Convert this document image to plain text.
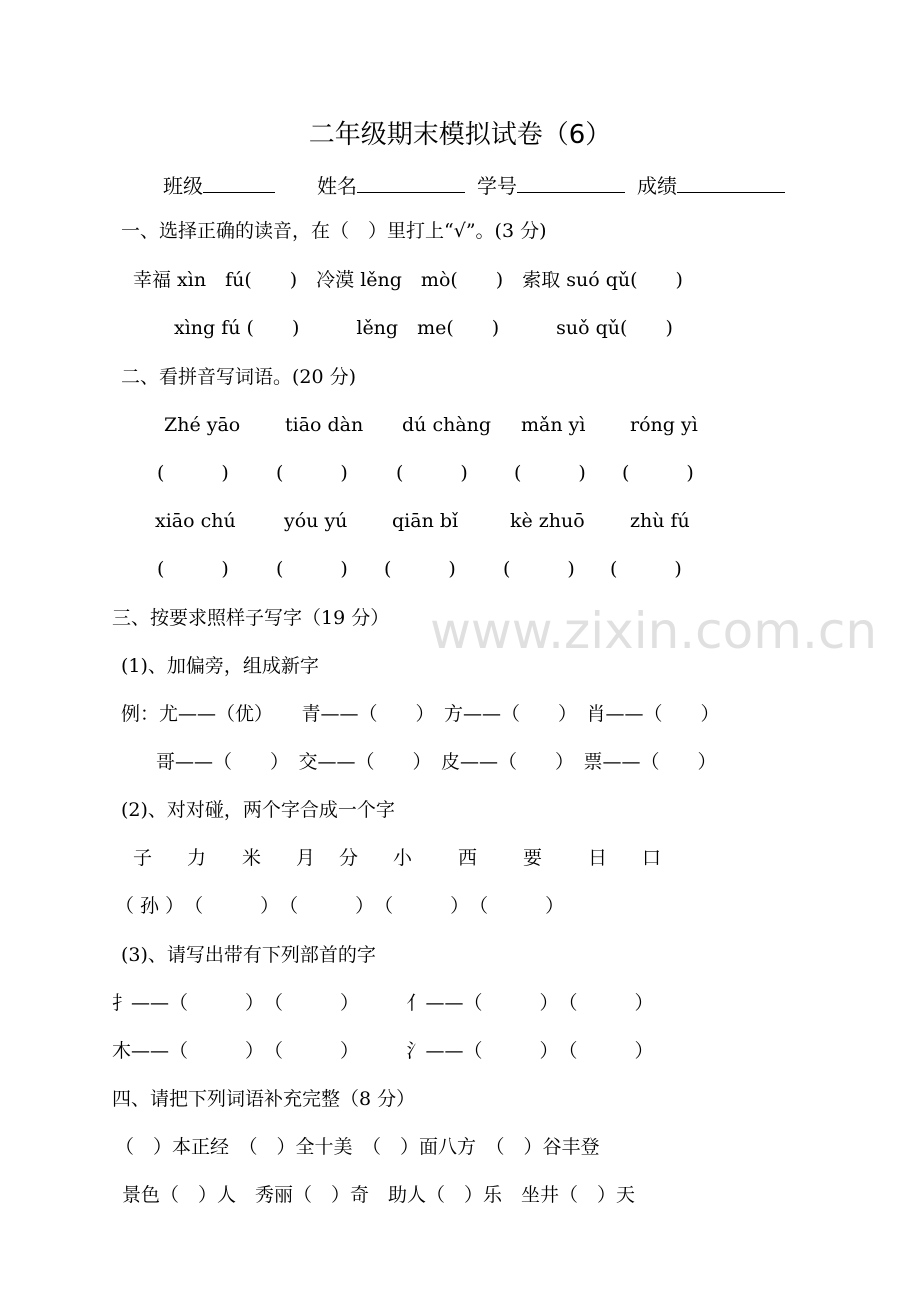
二年级期末模拟试卷（6）
班级	姓名	学号	成绩
一、选择正确的读音，在（　）里打上“√”。(3 分)
幸福 xìn　fú(　　)　冷漠 lěng　mò(　　)　索取 suó qǔ(　　)
xìng fú (　　)　　　lěng　me(　　)　　　suǒ qǔ(　　)
二、看拼音写词语。(20 分)
Zhé yāo tiāo dàn dú chàng mǎn yì róng yì
(　　　) (　　　)	(　　　) (　　　) (　　　)
xiāo chú	yóu yú qiān bǐ	kè zhuō zhù fú
(　　　) (　　　) (　　　) (　　　) (　　　)
三、按要求照样子写字（19 分） www.zixin.com.cn
(1)、加偏旁，组成新字
例：尤——（优）　　青——（　　）　方——（　　）　肖——（　　）
哥——（　　）　交——（　　）　皮——（　　）　票——（　　）
(2)、对对碰，两个字合成一个字
子 力 米 月 分 小 西 要 日 口
（ 孙 ）　（　　　）　（　　　）　（　　　）　（　　　）
(3)、请写出带有下列部首的字
扌——（　　　）　（　　　）　　　亻——（　　　）　（　　　）
木——（　　　）　（　　　）　　　氵——（　　　）　（　　　）
四、请把下列词语补充完整（8 分）
（　）本正经　（　）全十美　（　）面八方　（　）谷丰登
景色（　）人　秀丽（　）奇　助人（　）乐　坐井（　）天
